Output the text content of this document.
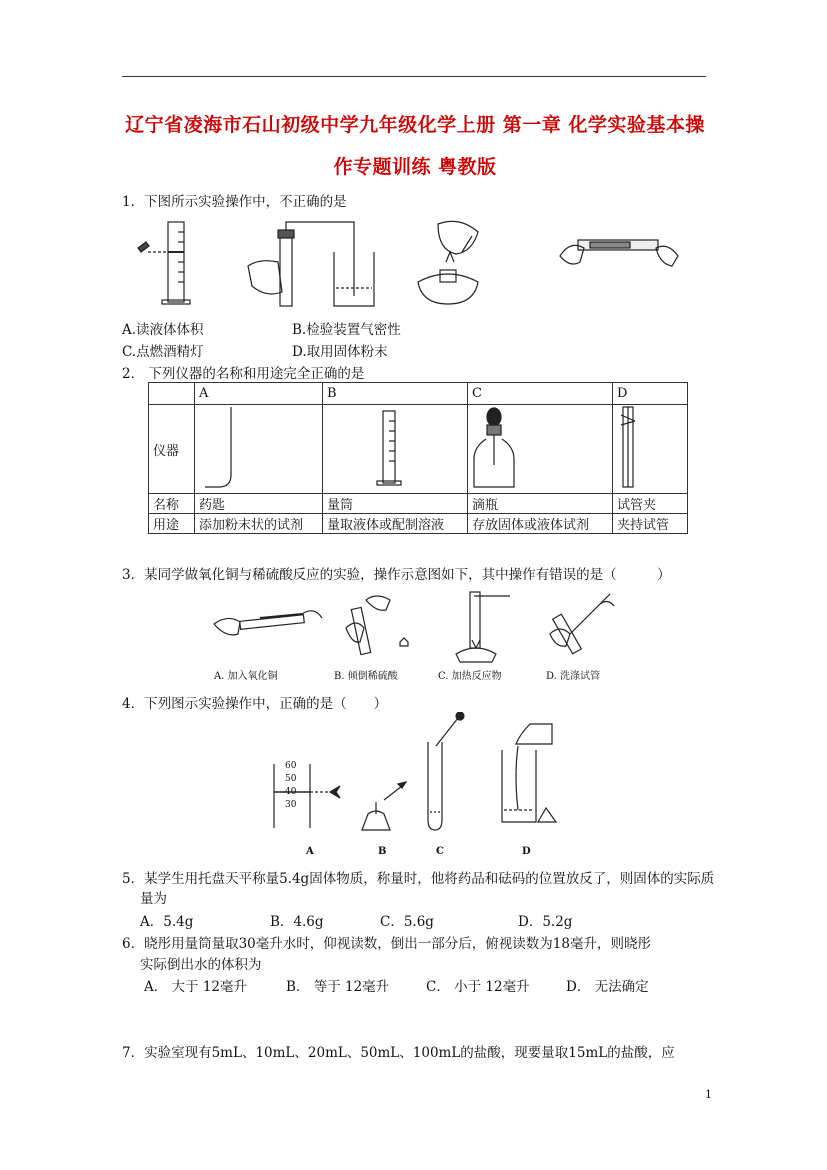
辽宁省凌海市石山初级中学九年级化学上册 第一章 化学实验基本操
作专题训练 粤教版
1．下图所示实验操作中，不正确的是
A.读液体体积	B.检验装置气密性
C.点燃酒精灯	D.取用固体粉末
2． 下列仪器的名称和用途完全正确的是
	A	B	C	D
仪器				
名称	药匙	量筒	滴瓶	试管夹
用途	添加粉末状的试剂	量取液体或配制溶液	存放固体或液体试剂	夹持试管
3．某同学做氧化铜与稀硫酸反应的实验，操作示意图如下，其中操作有错误的是（　　　）
A. 加入氧化铜	B. 倾倒稀硫酸	C. 加热反应物	D. 洗涤试管
4．下列图示实验操作中，正确的是（　　）
60
50
40
30
A	B	C	D
5．某学生用托盘天平称量5.4g固体物质，称量时，他将药品和砝码的位置放反了，则固体的实际质
量为
A．5.4g	B．4.6g	C．5.6g	D．5.2g
6．晓彤用量筒量取30毫升水时，仰视读数，倒出一部分后，俯视读数为18毫升，则晓彤
实际倒出水的体积为
A． 大于 12毫升	B． 等于 12毫升	C． 小于 12毫升	D． 无法确定
7．实验室现有5mL、10mL、20mL、50mL、100mL的盐酸，现要量取15mL的盐酸，应
1
